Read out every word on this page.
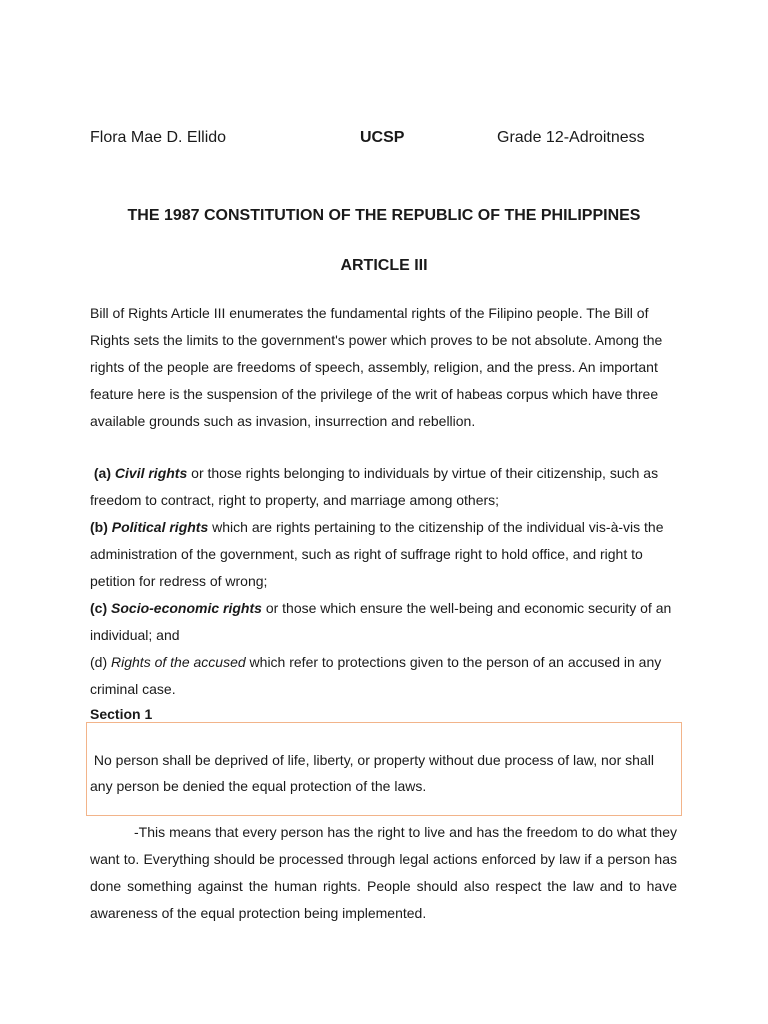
Flora Mae D. Ellido	UCSP	Grade 12-Adroitness
THE 1987 CONSTITUTION OF THE REPUBLIC OF THE PHILIPPINES
ARTICLE III
Bill of Rights Article III enumerates the fundamental rights of the Filipino people. The Bill of Rights sets the limits to the government's power which proves to be not absolute. Among the rights of the people are freedoms of speech, assembly, religion, and the press. An important feature here is the suspension of the privilege of the writ of habeas corpus which have three available grounds such as invasion, insurrection and rebellion.

(a) Civil rights or those rights belonging to individuals by virtue of their citizenship, such as freedom to contract, right to property, and marriage among others;

(b) Political rights which are rights pertaining to the citizenship of the individual vis-à-vis the administration of the government, such as right of suffrage right to hold office, and right to petition for redress of wrong;

(c) Socio-economic rights or those which ensure the well-being and economic security of an individual; and

(d) Rights of the accused which refer to protections given to the person of an accused in any criminal case.

Section 1
No person shall be deprived of life, liberty, or property without due process of law, nor shall any person be denied the equal protection of the laws.
-This means that every person has the right to live and has the freedom to do what they want to. Everything should be processed through legal actions enforced by law if a person has done something against the human rights. People should also respect the law and to have awareness of the equal protection being implemented.
